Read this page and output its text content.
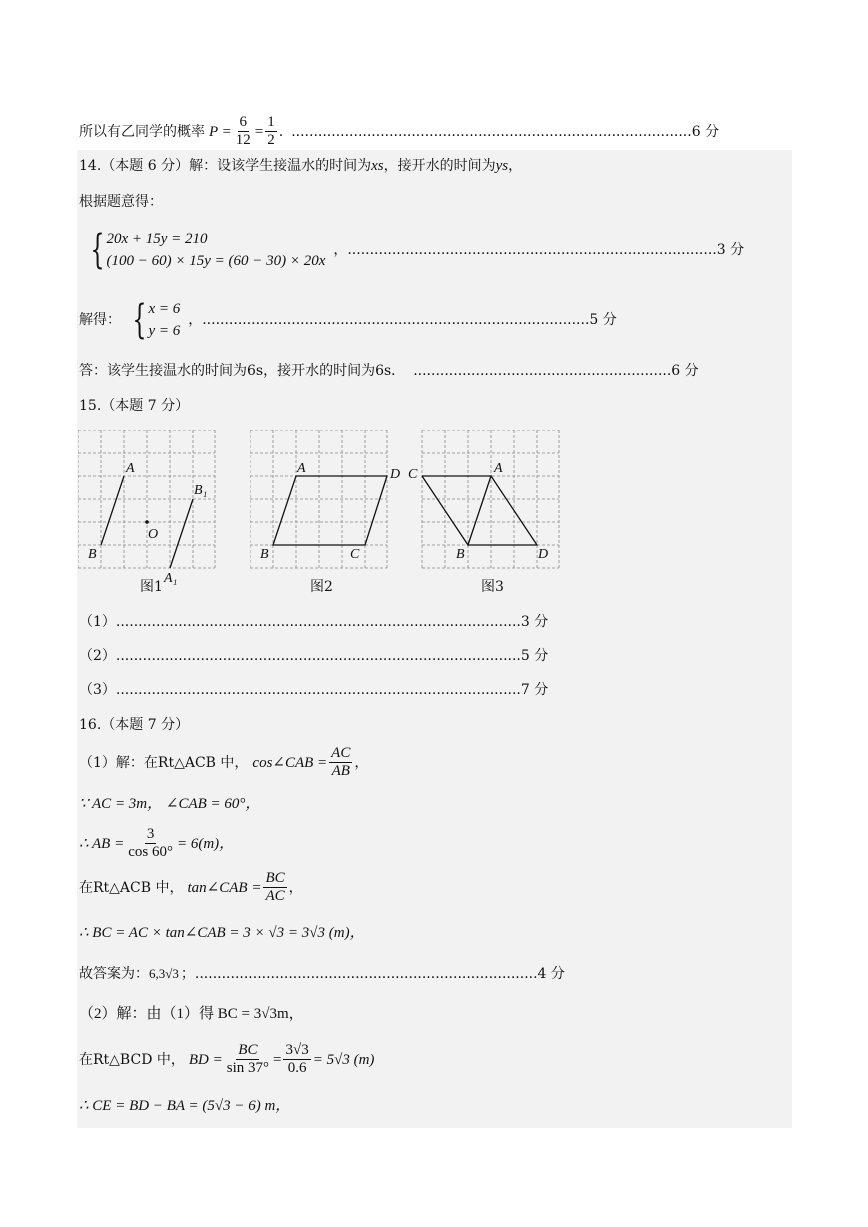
所以有乙同学的概率 $P = \frac{6}{12} = \frac{1}{2}$ . ..........................................................................................6 分
14.（本题 6 分）解：设该学生接温水的时间为 xs ，接开水的时间为 ys ，
根据题意得：
{ 20x + 15y = 210
(100 − 60) × 15y = (60 − 30) × 20x
，...................................................................................3 分
解得： { x = 6
y = 6
，.......................................................................................5 分
答：该学生接温水的时间为6s，接开水的时间为6s． ..........................................................6 分
15.（本题 7 分）
A
B
O
B₁
A₁
图1
A
B	C
D
图2
C	A
B	D
图3
（1）...........................................................................................3 分
（2）...........................................................................................5 分
（3）...........................................................................................7 分
16.（本题 7 分）
（1）解：在Rt△ACB 中， cos∠CAB = $\frac{AC}{AB}$ ，
∵ AC = 3m， ∠CAB = 60°，
∴ AB = $\frac{3}{\cos 60^\circ} = 6(m)$，
在Rt△ACB 中， tan∠CAB = $\frac{BC}{AC}$ ，
∴ BC = AC × tan∠CAB = 3 × √3 = 3√3 (m)，
故答案为： 6,3√3 ；.............................................................................4 分
（2）解：由（1）得 BC = 3√3m，
在Rt△BCD 中， BD = $\frac{BC}{\sin 37^\circ} = \frac{3√3}{0.6} = 5√3$ (m)
∴ CE = BD − BA = (5√3 − 6) m，
